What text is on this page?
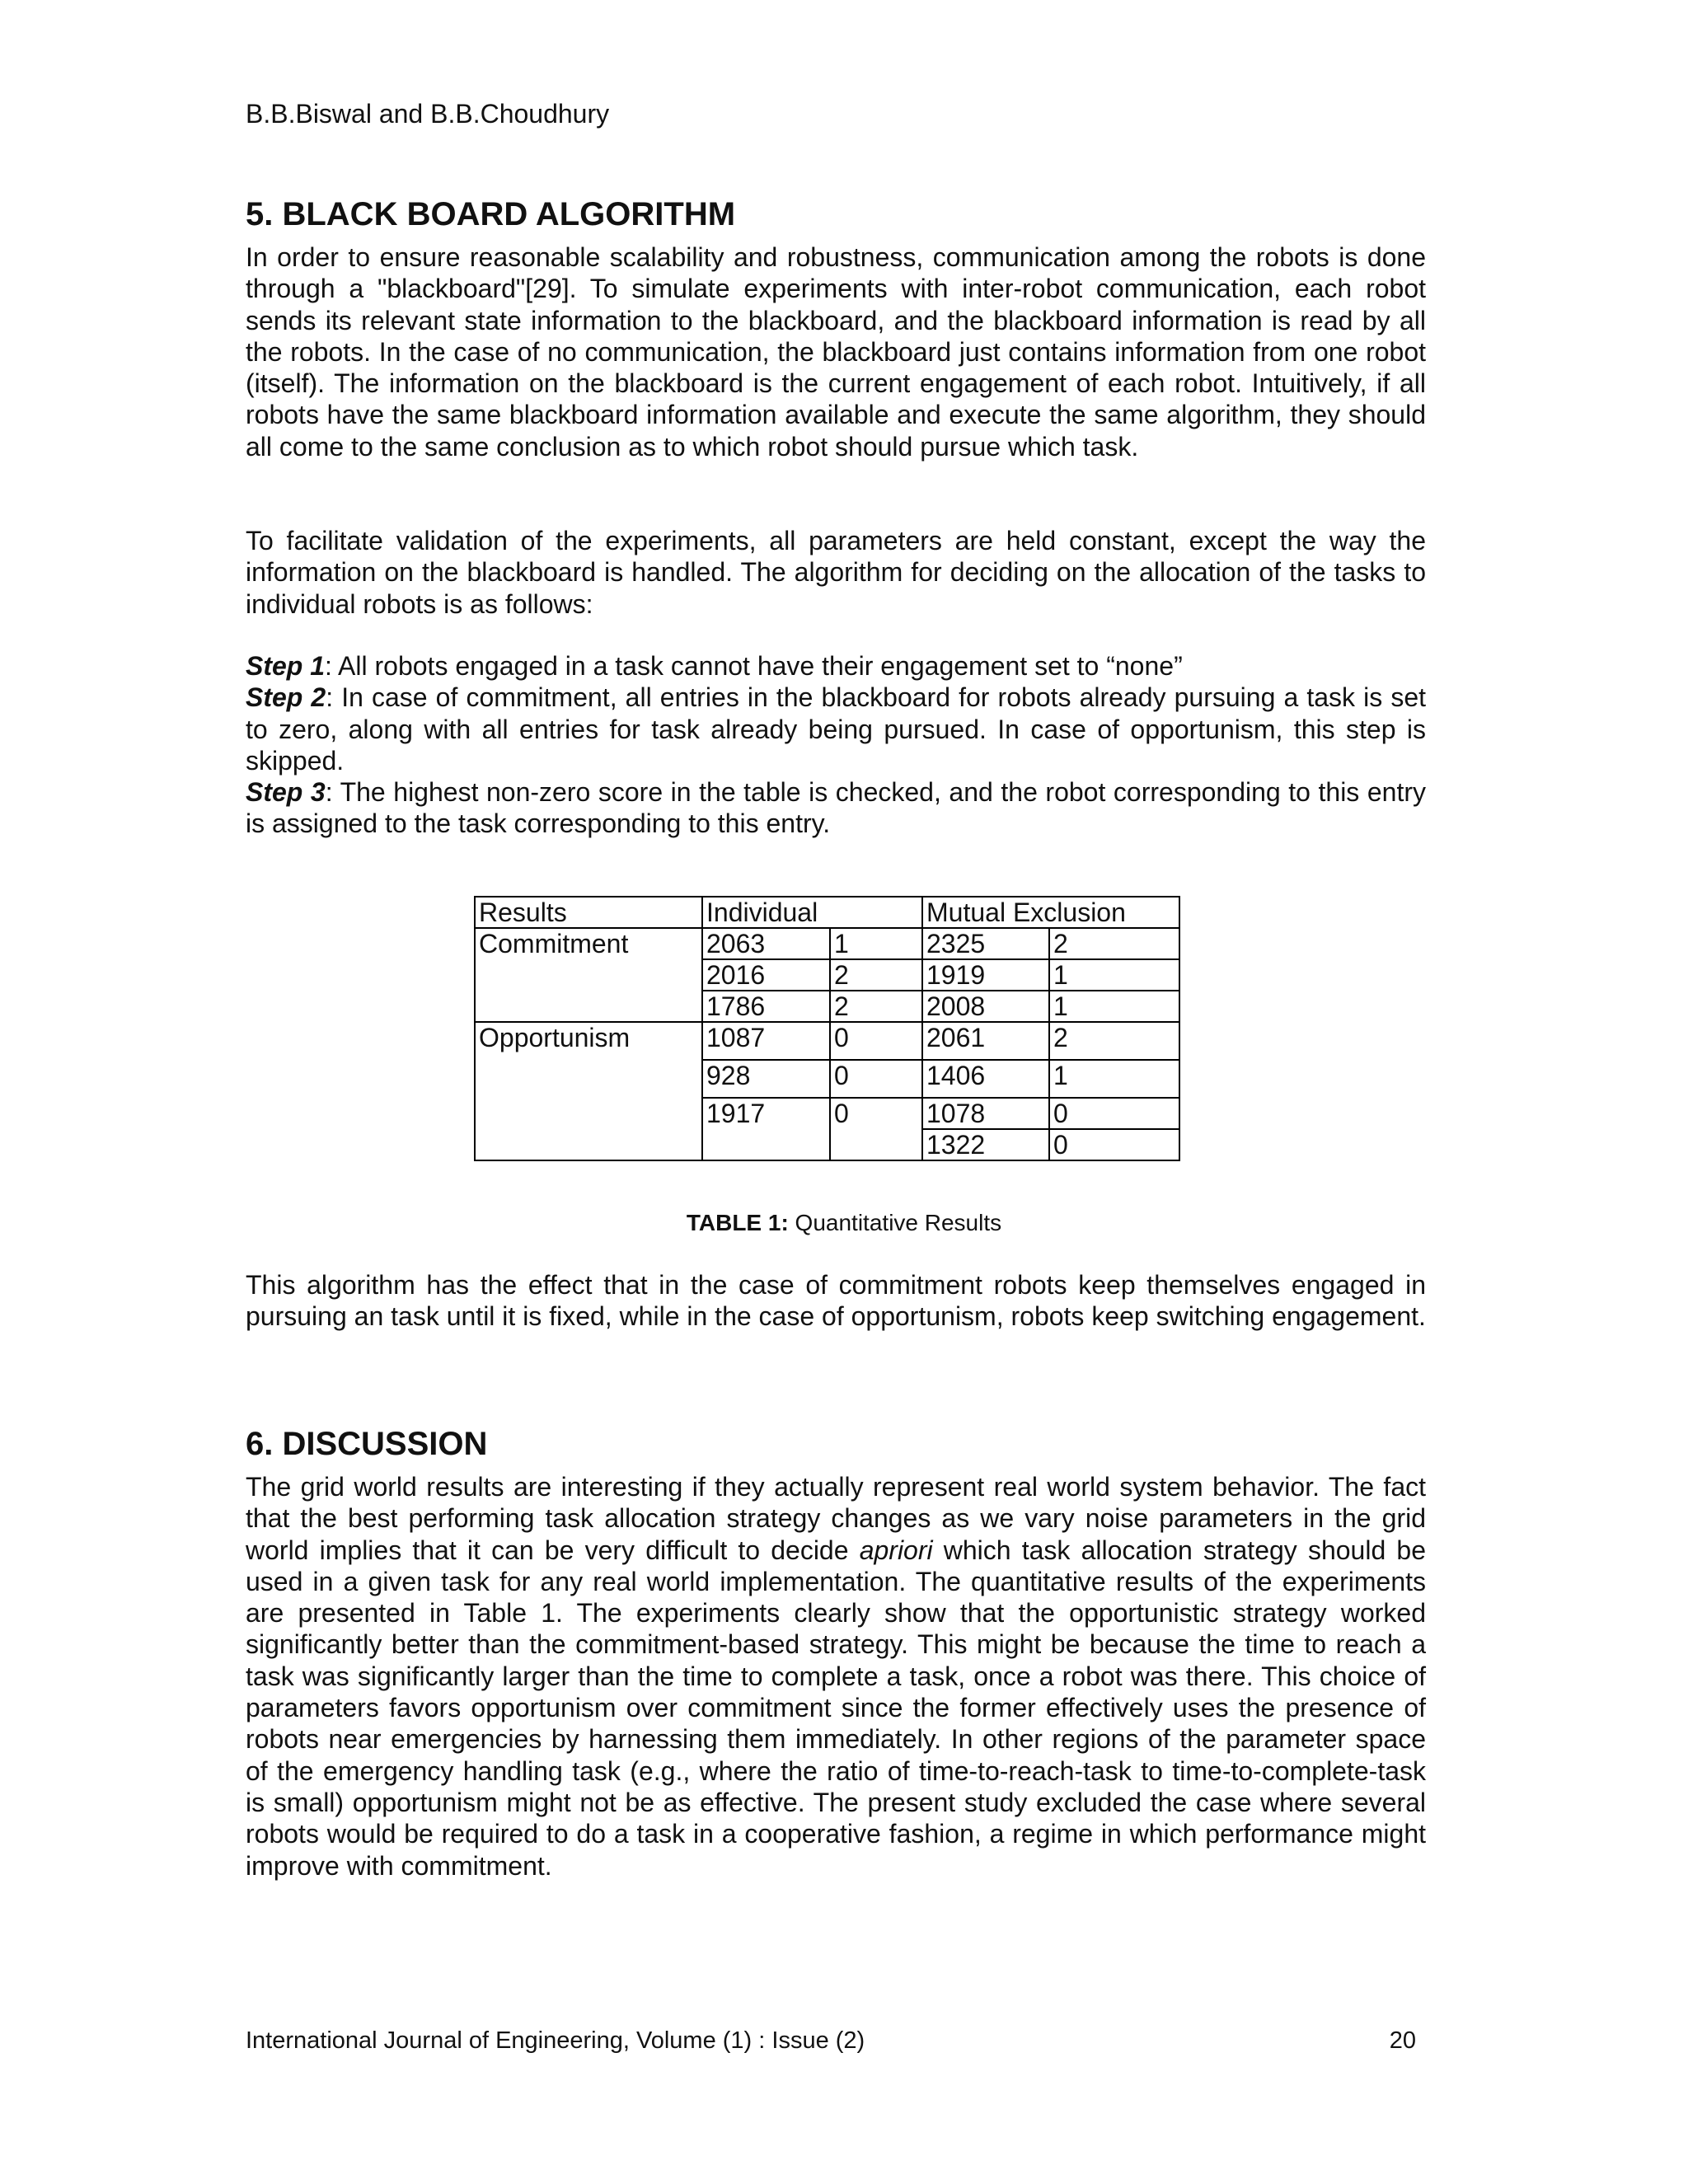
B.B.Biswal and B.B.Choudhury
5. BLACK BOARD ALGORITHM
In order to ensure reasonable scalability and robustness, communication among the robots is done through a "blackboard"[29]. To simulate experiments with inter-robot communication, each robot sends its relevant state information to the blackboard, and the blackboard information is read by all the robots. In the case of no communication, the blackboard just contains information from one robot (itself). The information on the blackboard is the current engagement of each robot. Intuitively, if all robots have the same blackboard information available and execute the same algorithm, they should all come to the same conclusion as to which robot should pursue which task.
To facilitate validation of the experiments, all parameters are held constant, except the way the information on the blackboard is handled. The algorithm for deciding on the allocation of the tasks to individual robots is as follows:
Step 1: All robots engaged in a task cannot have their engagement set to “none”
Step 2: In case of commitment, all entries in the blackboard for robots already pursuing a task is set to zero, along with all entries for task already being pursued. In case of opportunism, this step is skipped.
Step 3: The highest non-zero score in the table is checked, and the robot corresponding to this entry is assigned to the task corresponding to this entry.
Results	Individual		Mutual Exclusion	
Commitment	2063	1	2325	2
	2016	2	1919	1
	1786	2	2008	1
Opportunism	1087	0	2061	2
	928	0	1406	1
	1917	0	1078	0
			1322	0
TABLE 1: Quantitative Results
This algorithm has the effect that in the case of commitment robots keep themselves engaged in pursuing an task until it is fixed, while in the case of opportunism, robots keep switching engagement.
6. DISCUSSION
The grid world results are interesting if they actually represent real world system behavior. The fact that the best performing task allocation strategy changes as we vary noise parameters in the grid world implies that it can be very difficult to decide apriori which task allocation strategy should be used in a given task for any real world implementation. The quantitative results of the experiments are presented in Table 1. The experiments clearly show that the opportunistic strategy worked significantly better than the commitment-based strategy. This might be because the time to reach a task was significantly larger than the time to complete a task, once a robot was there. This choice of parameters favors opportunism over commitment since the former effectively uses the presence of robots near emergencies by harnessing them immediately. In other regions of the parameter space of the emergency handling task (e.g., where the ratio of time-to-reach-task to time-to-complete-task is small) opportunism might not be as effective. The present study excluded the case where several robots would be required to do a task in a cooperative fashion, a regime in which performance might improve with commitment.
International Journal of Engineering, Volume (1) : Issue (2)	20
